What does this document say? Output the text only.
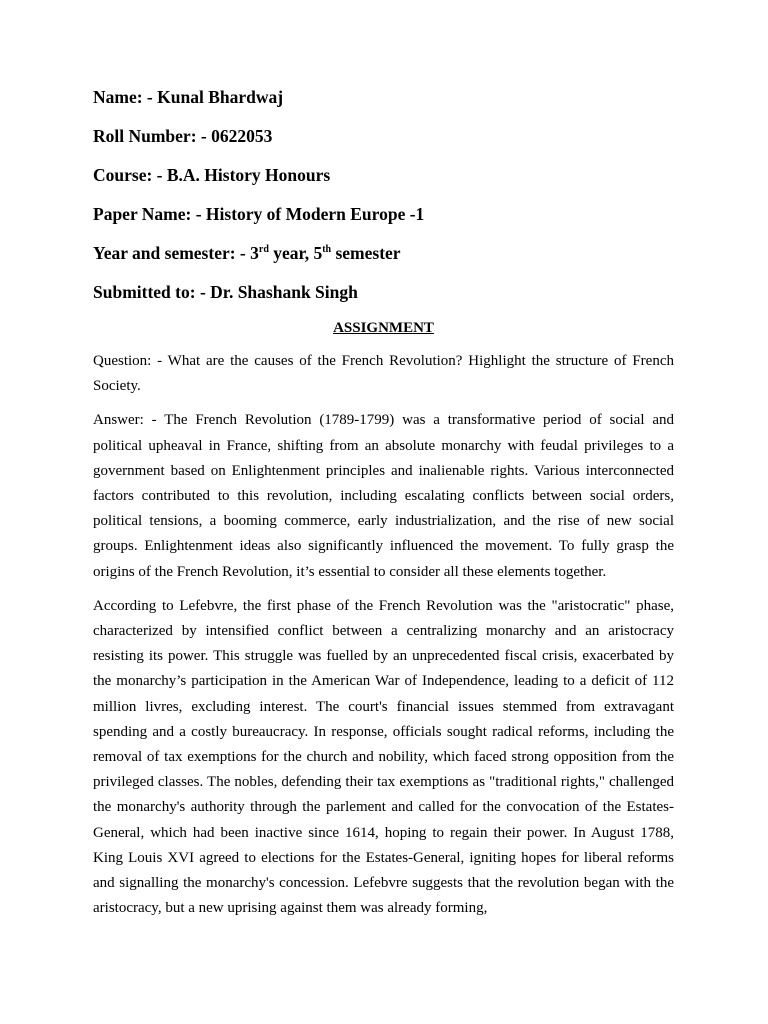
Name: - Kunal Bhardwaj
Roll Number: - 0622053
Course: - B.A. History Honours
Paper Name: - History of Modern Europe -1
Year and semester: - 3rd year, 5th semester
Submitted to: - Dr. Shashank Singh
ASSIGNMENT

Question: - What are the causes of the French Revolution? Highlight the structure of French Society.

Answer: - The French Revolution (1789-1799) was a transformative period of social and political upheaval in France, shifting from an absolute monarchy with feudal privileges to a government based on Enlightenment principles and inalienable rights. Various interconnected factors contributed to this revolution, including escalating conflicts between social orders, political tensions, a booming commerce, early industrialization, and the rise of new social groups. Enlightenment ideas also significantly influenced the movement. To fully grasp the origins of the French Revolution, it’s essential to consider all these elements together.

According to Lefebvre, the first phase of the French Revolution was the "aristocratic" phase, characterized by intensified conflict between a centralizing monarchy and an aristocracy resisting its power. This struggle was fuelled by an unprecedented fiscal crisis, exacerbated by the monarchy’s participation in the American War of Independence, leading to a deficit of 112 million livres, excluding interest. The court's financial issues stemmed from extravagant spending and a costly bureaucracy. In response, officials sought radical reforms, including the removal of tax exemptions for the church and nobility, which faced strong opposition from the privileged classes. The nobles, defending their tax exemptions as "traditional rights," challenged the monarchy's authority through the parlement and called for the convocation of the Estates-General, which had been inactive since 1614, hoping to regain their power. In August 1788, King Louis XVI agreed to elections for the Estates-General, igniting hopes for liberal reforms and signalling the monarchy's concession. Lefebvre suggests that the revolution began with the aristocracy, but a new uprising against them was already forming,
